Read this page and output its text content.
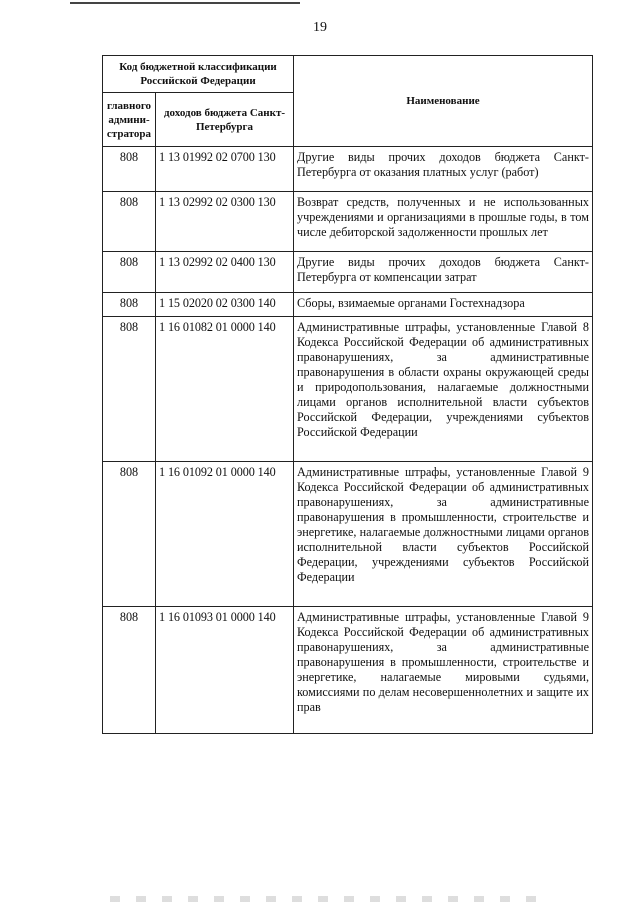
19
Код бюджетной классификации Российской Федерации		Наименование
главного админи-стратора	доходов бюджета Санкт-Петербурга	
808	1 13 01992 02 0700 130	Другие виды прочих доходов бюджета Санкт-Петербурга от оказания платных услуг (работ)
808	1 13 02992 02 0300 130	Возврат средств, полученных и не использованных учреждениями и организациями в прошлые годы, в том числе дебиторской задолженности прошлых лет
808	1 13 02992 02 0400 130	Другие виды прочих доходов бюджета Санкт-Петербурга от компенсации затрат
808	1 15 02020 02 0300 140	Сборы, взимаемые органами Гостехнадзора
808	1 16 01082 01 0000 140	Административные штрафы, установленные Главой 8 Кодекса Российской Федерации об административных правонарушениях, за административные правонарушения в области охраны окружающей среды и природопользования, налагаемые должностными лицами органов исполнительной власти субъектов Российской Федерации, учреждениями субъектов Российской Федерации
808	1 16 01092 01 0000 140	Административные штрафы, установленные Главой 9 Кодекса Российской Федерации об административных правонарушениях, за административные правонарушения в промышленности, строительстве и энергетике, налагаемые должностными лицами органов исполнительной власти субъектов Российской Федерации, учреждениями субъектов Российской Федерации
808	1 16 01093 01 0000 140	Административные штрафы, установленные Главой 9 Кодекса Российской Федерации об административных правонарушениях, за административные правонарушения в промышленности, строительстве и энергетике, налагаемые мировыми судьями, комиссиями по делам несовершеннолетних и защите их прав
